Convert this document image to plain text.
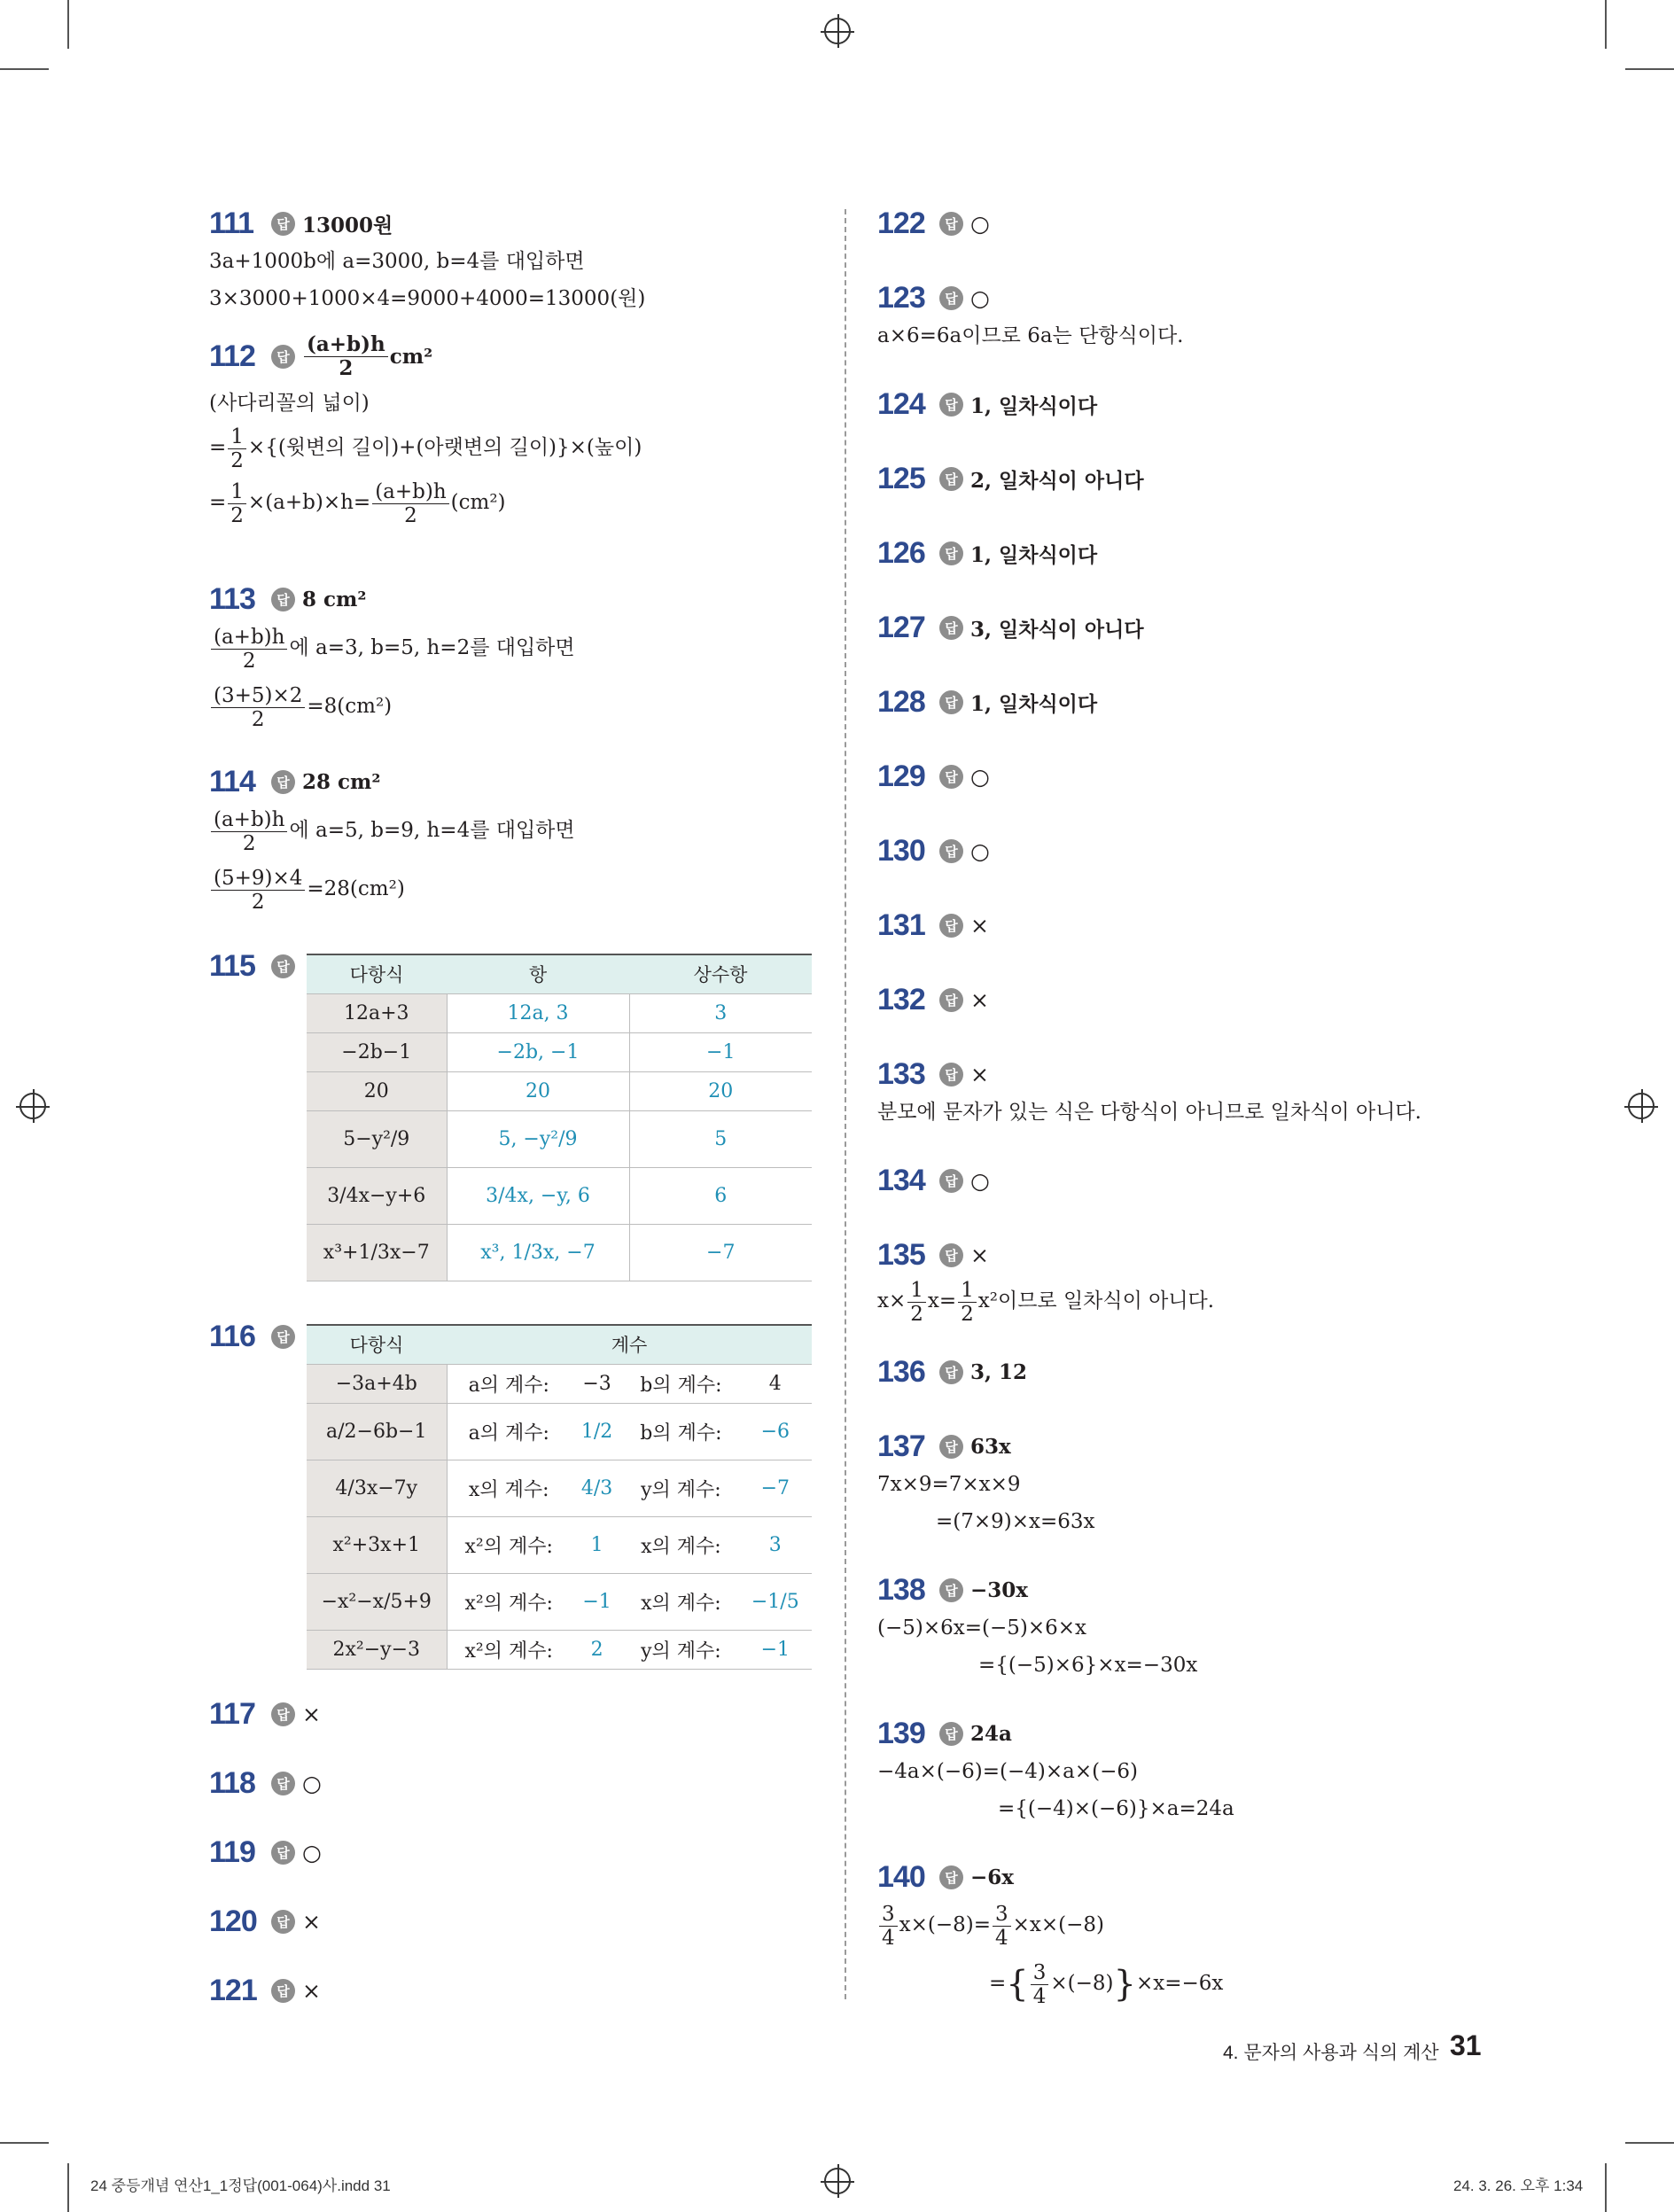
111	답 13000원
3a+1000b에 a=3000, b=4를 대입하면
3×3000+1000×4=9000+4000=13000(원)
112	답 $\frac{(a+b)h}{2} cm^2$
(사다리꼴의 넓이)
= $\frac{1}{2}$ ×{(윗변의 길이)+(아랫변의 길이)}×(높이)
= $\frac{1}{2} \times(a+b)\times h= \frac{(a+b)h}{2} (cm^2)$
113	답 8 cm²
$\frac{(a+b)h}{2}$ 에 a=3, b=5, h=2를 대입하면
$\frac{(3+5)\times 2}{2} =8(cm^2)$
114	답 28 cm²
$\frac{(a+b)h}{2}$ 에 a=5, b=9, h=4를 대입하면
$\frac{(5+9)\times 4}{2} =28(cm^2)$
115	답	다항식	항	상수항
12a+3	12a, 3	3
−2b−1	−2b, −1	−1
20	20	20
5−y²/9	5, −y²/9	5
3/4x−y+6	3/4x, −y, 6	6
x³+1/3x−7	x³, 1/3x, −7	−7
116	답	다항식	계수			
−3a+4b	a의 계수:	−3	b의 계수:	4
a/2−6b−1	a의 계수:	1/2	b의 계수:	−6
4/3x−7y	x의 계수:	4/3	y의 계수:	−7
x²+3x+1	x²의 계수:	1	x의 계수:	3
−x²−x/5+9	x²의 계수:	−1	x의 계수:	−1/5
2x²−y−3	x²의 계수:	2	y의 계수:	−1
117	답 ×
118	답 ○
119	답 ○
120	답 ×
121	답 ×
122	답 ○
123	답 ○
a×6=6a이므로 6a는 단항식이다.
124	답 1, 일차식이다
125	답 2, 일차식이 아니다
126	답 1, 일차식이다
127	답 3, 일차식이 아니다
128	답 1, 일차식이다
129	답 ○
130	답 ○
131	답 ×
132	답 ×
133	답 ×
분모에 문자가 있는 식은 다항식이 아니므로 일차식이 아니다.
134	답 ○
135	답 ×
$x\times \frac{1}{2} x= \frac{1}{2} x^2$이므로 일차식이 아니다.
136	답 3, 12
137	답 63x
7x×9=7×x×9
=(7×9)×x=63x
138	답 −30x
(−5)×6x=(−5)×6×x
={(−5)×6}×x=−30x
139	답 24a
−4a×(−6)=(−4)×a×(−6)
={(−4)×(−6)}×a=24a
140	답 −6x
$\frac{3}{4} x\times(-8)= \frac{3}{4} \times x\times(-8)$
={ $\frac{3}{4} \times(-8)\}\times x=-6x$
4. 문자의 사용과 식의 계산 31
24 중등개념 연산1_1정답(001-064)사.indd 31	24. 3. 26. 오후 1:34
